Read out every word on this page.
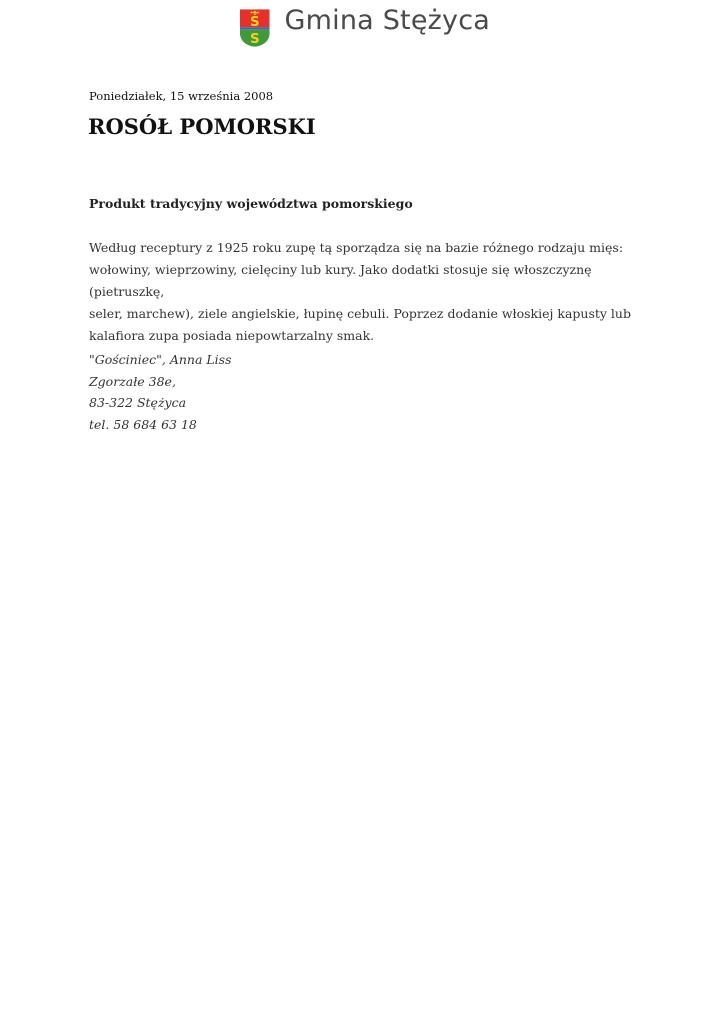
Ś
S
Gmina Stężyca
Poniedziałek, 15 września 2008
ROSÓŁ POMORSKI
Produkt tradycyjny województwa pomorskiego
Według receptury z 1925 roku zupę tą sporządza się na bazie różnego rodzaju mięs:
wołowiny, wieprzowiny, cielęciny lub kury. Jako dodatki stosuje się włoszczyznę (pietruszkę,
seler, marchew), ziele angielskie, łupinę cebuli. Poprzez dodanie włoskiej kapusty lub
kalafiora zupa posiada niepowtarzalny smak.
"Gościniec", Anna Liss
Zgorzałe 38e,
83-322 Stężyca
tel. 58 684 63 18
